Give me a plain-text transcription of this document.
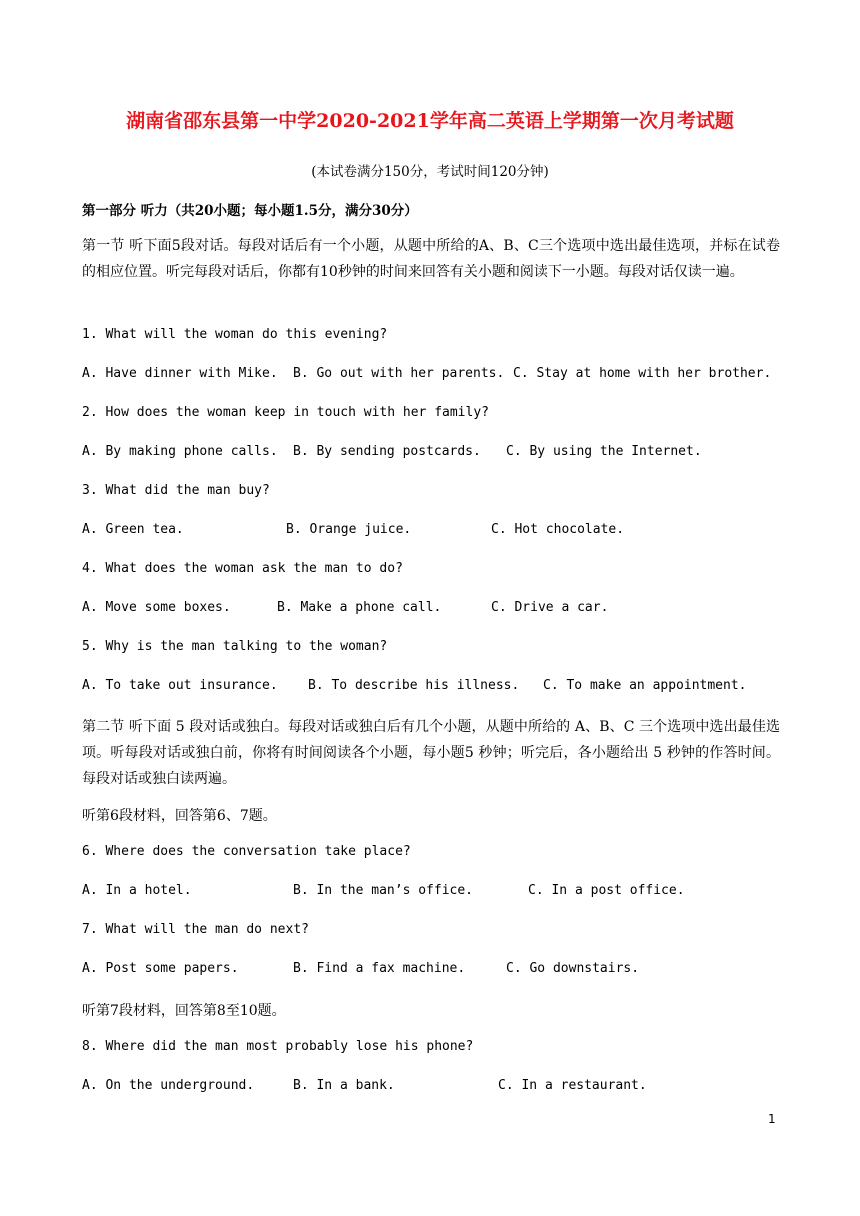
湖南省邵东县第一中学2020-2021学年高二英语上学期第一次月考试题
(本试卷满分150分，考试时间120分钟)
第一部分 听力（共20小题；每小题1.5分，满分30分）
第一节 听下面5段对话。每段对话后有一个小题，从题中所给的A、B、C三个选项中选出最佳选项，并标在试卷的相应位置。听完每段对话后，你都有10秒钟的时间来回答有关小题和阅读下一小题。每段对话仅读一遍。
1. What will the woman do this evening?
A. Have dinner with Mike. B. Go out with her parents. C. Stay at home with her brother.
2. How does the woman keep in touch with her family?
A. By making phone calls. B. By sending postcards. C. By using the Internet.
3. What did the man buy?
A. Green tea.	B. Orange juice.	C. Hot chocolate.
4. What does the woman ask the man to do?
A. Move some boxes.	B. Make a phone call.	C. Drive a car.
5. Why is the man talking to the woman?
A. To take out insurance. B. To describe his illness. C. To make an appointment.
第二节 听下面 5 段对话或独白。每段对话或独白后有几个小题，从题中所给的 A、B、C 三个选项中选出最佳选项。听每段对话或独白前，你将有时间阅读各个小题，每小题5 秒钟；听完后，各小题给出 5 秒钟的作答时间。每段对话或独白读两遍。
听第6段材料，回答第6、7题。
6. Where does the conversation take place?
A. In a hotel.	B. In the man’s office.	C. In a post office.
7. What will the man do next?
A. Post some papers.	B. Find a fax machine.	C. Go downstairs.
听第7段材料，回答第8至10题。
8. Where did the man most probably lose his phone?
A. On the underground.	B. In a bank.	C. In a restaurant.
1
